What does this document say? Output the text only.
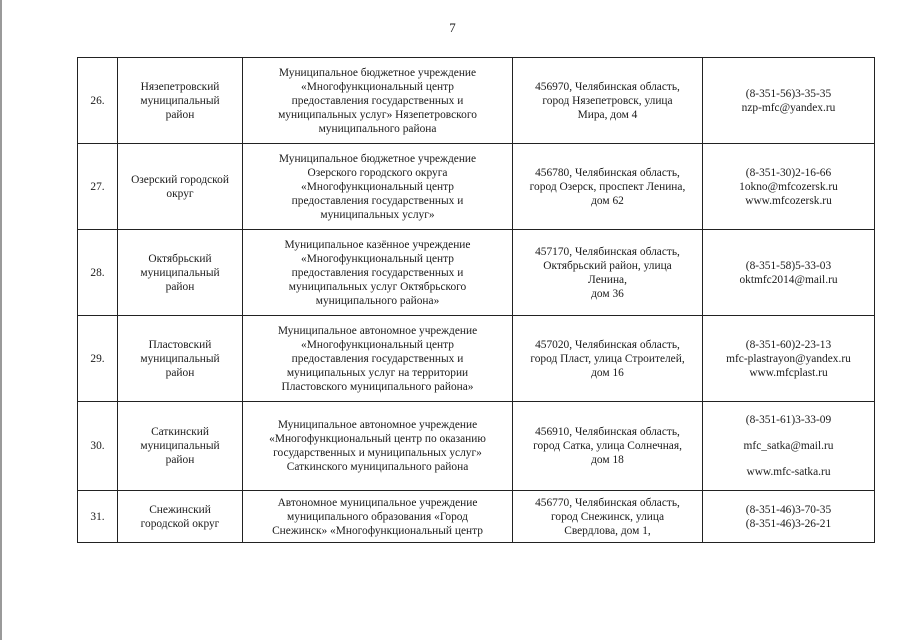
7
26.	Нязепетровский
муниципальный
район	Муниципальное бюджетное учреждение
«Многофункциональный центр
предоставления государственных и
муниципальных услуг» Нязепетровского
муниципального района	456970, Челябинская область,
город Нязепетровск, улица
Мира, дом 4	(8-351-56)3-35-35
nzp-mfc@yandex.ru

27.	Озерский городской
округ	Муниципальное бюджетное учреждение
Озерского городского округа
«Многофункциональный центр
предоставления государственных и
муниципальных услуг»	456780, Челябинская область,
город Озерск, проспект Ленина,
дом 62	(8-351-30)2-16-66
1okno@mfcozersk.ru
www.mfcozersk.ru

28.	Октябрьский
муниципальный
район	Муниципальное казённое учреждение
«Многофункциональный центр
предоставления государственных и
муниципальных услуг Октябрьского
муниципального района»	457170, Челябинская область,
Октябрьский район, улица
Ленина,
дом 36	(8-351-58)5-33-03
oktmfc2014@mail.ru

29.	Пластовский
муниципальный
район	Муниципальное автономное учреждение
«Многофункциональный центр
предоставления государственных и
муниципальных услуг на территории
Пластовского муниципального района»	457020, Челябинская область,
город Пласт, улица Строителей,
дом 16	(8-351-60)2-23-13
mfc-plastrayon@yandex.ru
www.mfcplast.ru

30.	Саткинский
муниципальный
район	Муниципальное автономное учреждение
«Многофункциональный центр по оказанию
государственных и муниципальных услуг»
Саткинского муниципального района	456910, Челябинская область,
город Сатка, улица Солнечная,
дом 18	(8-351-61)3-33-09
mfc_satka@mail.ru
www.mfc-satka.ru

31.	Снежинский
городской округ	Автономное муниципальное учреждение
муниципального образования «Город
Снежинск» «Многофункциональный центр	456770, Челябинская область,
город Снежинск, улица
Свердлова, дом 1,	(8-351-46)3-70-35
(8-351-46)3-26-21
